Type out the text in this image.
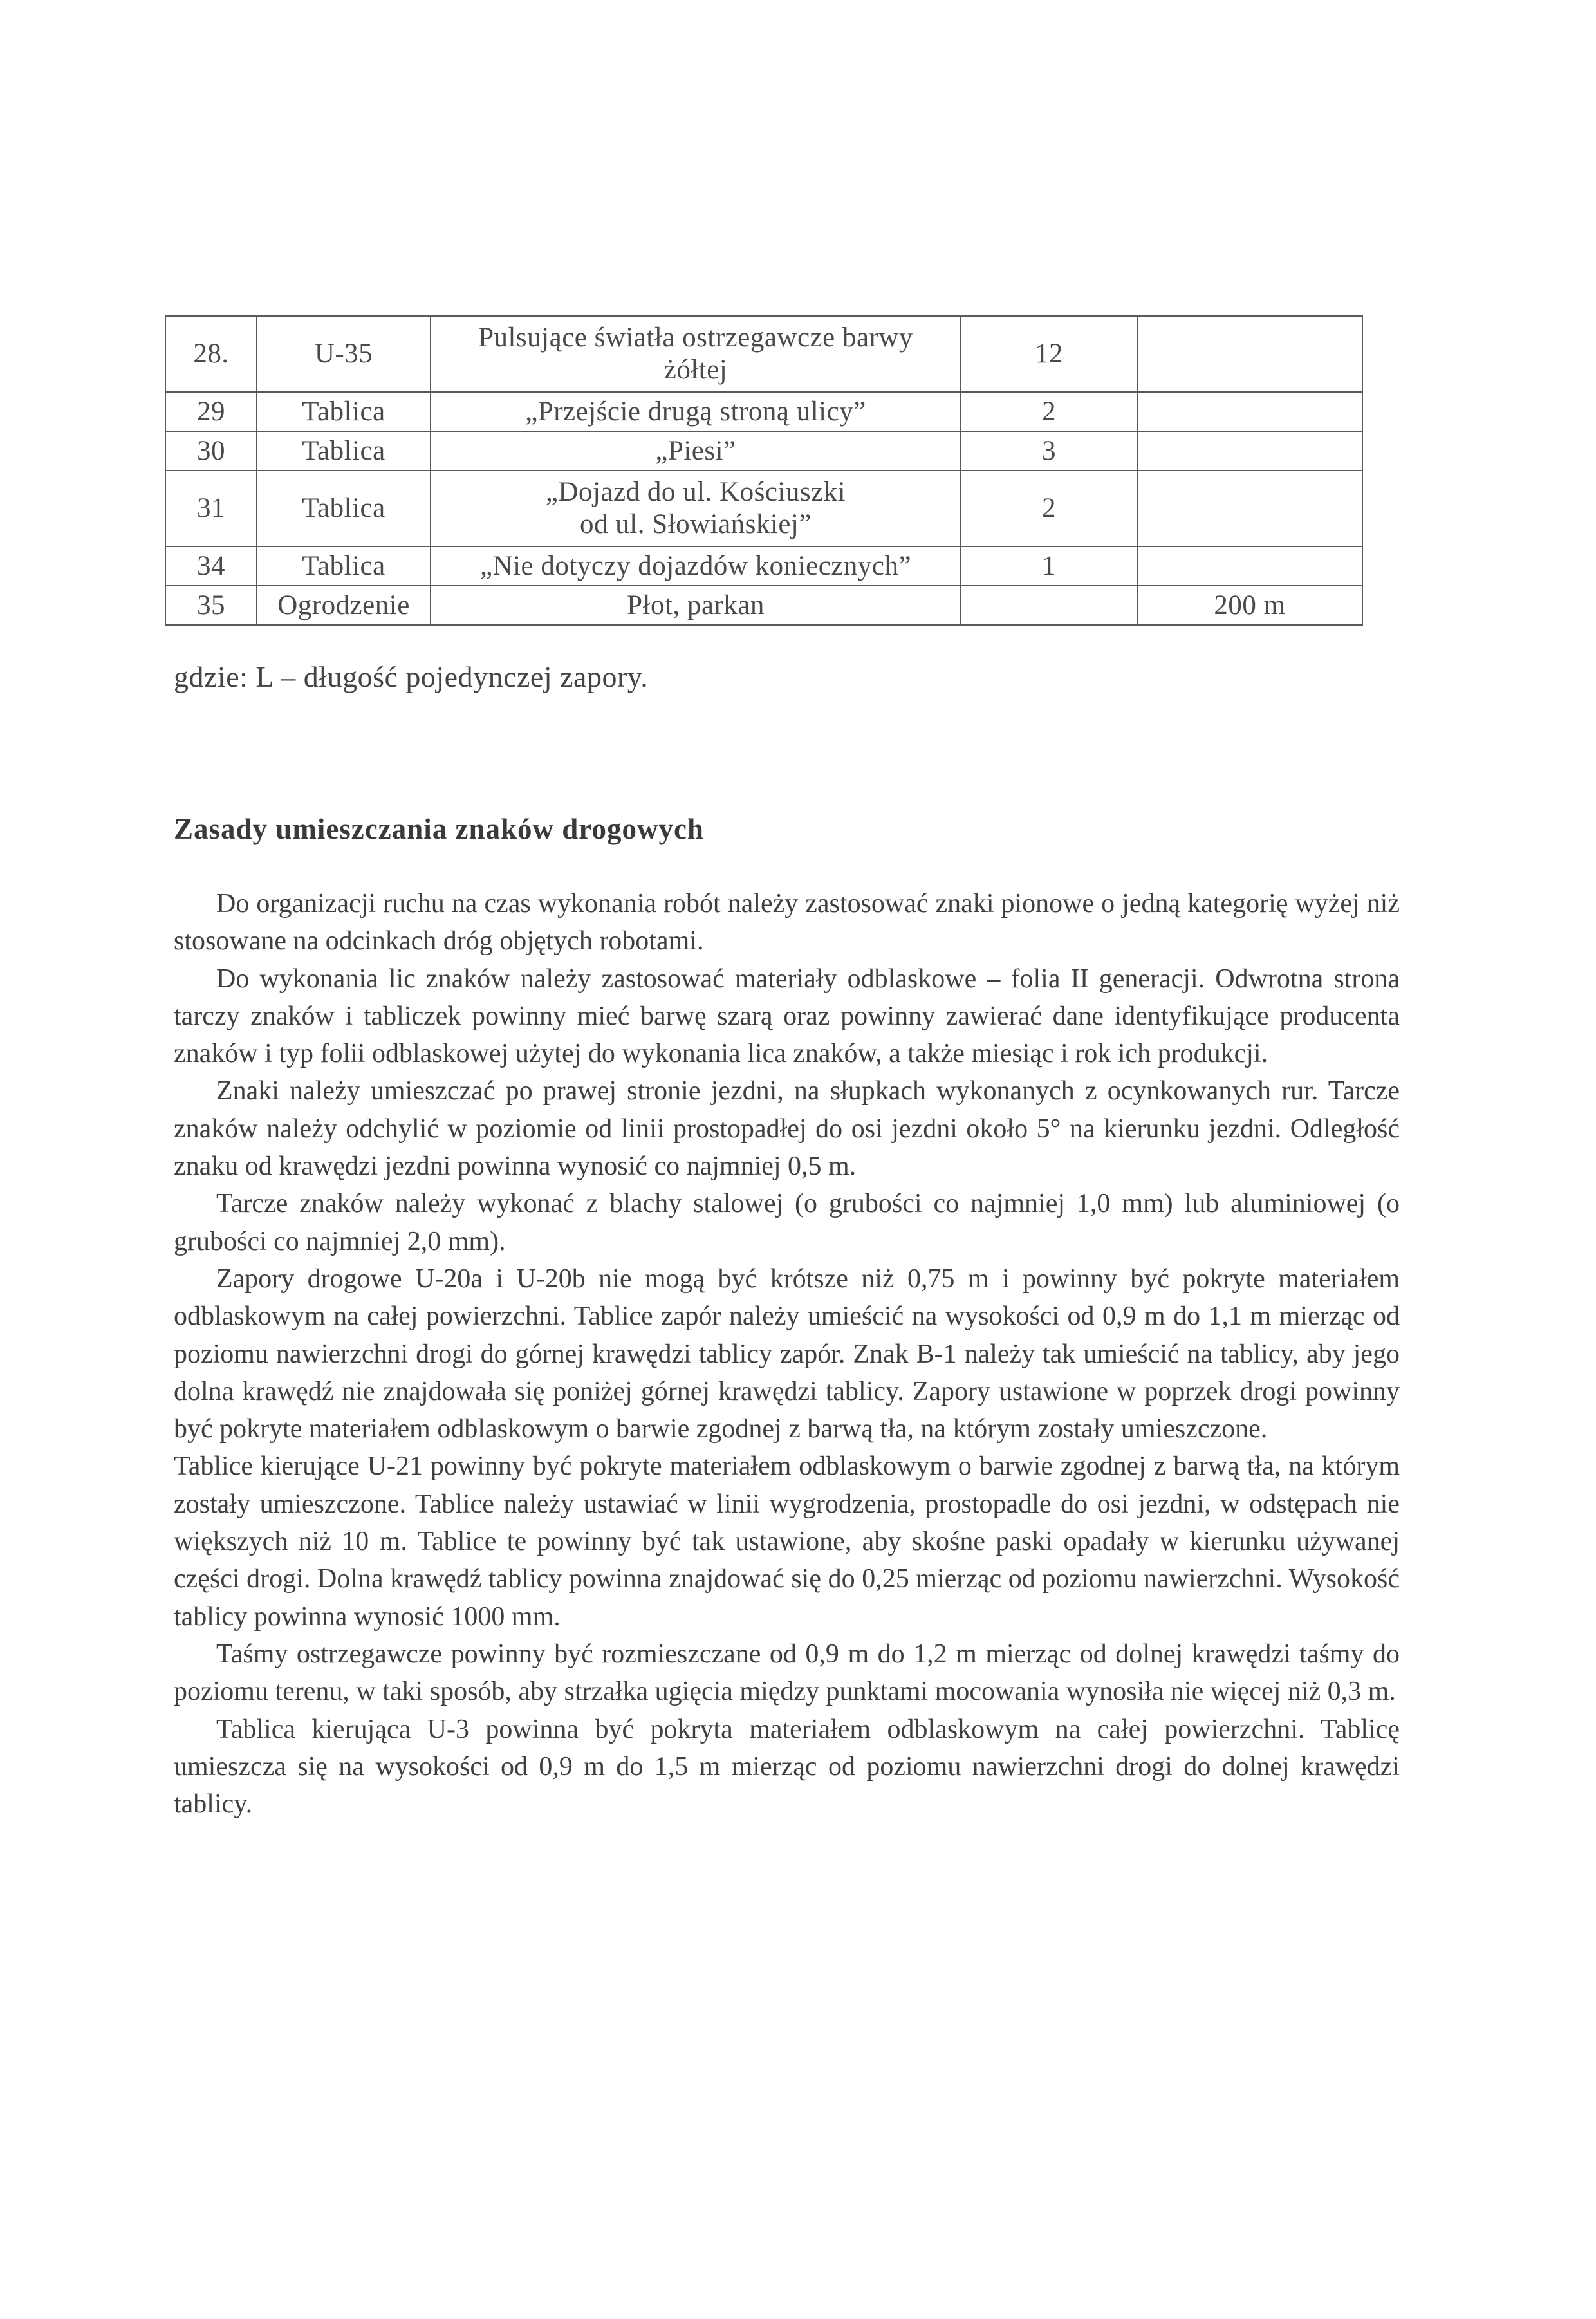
28.	U-35	Pulsujące światła ostrzegawcze barwy
żółtej	12	
29	Tablica	„Przejście drugą stroną ulicy”	2	
30	Tablica	„Piesi”	3	
31	Tablica	„Dojazd do ul. Kościuszki
od ul. Słowiańskiej”	2	
34	Tablica	„Nie dotyczy dojazdów koniecznych”	1	
35	Ogrodzenie	Płot, parkan		200 m
gdzie: L – długość pojedynczej zapory.
Zasady umieszczania znaków drogowych

Do organizacji ruchu na czas wykonania robót należy zastosować znaki pionowe o jedną kategorię wyżej niż stosowane na odcinkach dróg objętych robotami.

Do wykonania lic znaków należy zastosować materiały odblaskowe – folia II generacji. Odwrotna strona tarczy znaków i tabliczek powinny mieć barwę szarą oraz powinny zawierać dane identyfikujące producenta znaków i typ folii odblaskowej użytej do wykonania lica znaków, a także miesiąc i rok ich produkcji.

Znaki należy umieszczać po prawej stronie jezdni, na słupkach wykonanych z ocynkowanych rur. Tarcze znaków należy odchylić w poziomie od linii prostopadłej do osi jezdni około 5° na kierunku jezdni. Odległość znaku od krawędzi jezdni powinna wynosić co najmniej 0,5 m.

Tarcze znaków należy wykonać z blachy stalowej (o grubości co najmniej 1,0 mm) lub aluminiowej (o grubości co najmniej 2,0 mm).

Zapory drogowe U-20a i U-20b nie mogą być krótsze niż 0,75 m i powinny być pokryte materiałem odblaskowym na całej powierzchni. Tablice zapór należy umieścić na wysokości od 0,9 m do 1,1 m mierząc od poziomu nawierzchni drogi do górnej krawędzi tablicy zapór. Znak B-1 należy tak umieścić na tablicy, aby jego dolna krawędź nie znajdowała się poniżej górnej krawędzi tablicy. Zapory ustawione w poprzek drogi powinny być pokryte materiałem odblaskowym o barwie zgodnej z barwą tła, na którym zostały umieszczone.

Tablice kierujące U-21 powinny być pokryte materiałem odblaskowym o barwie zgodnej z barwą tła, na którym zostały umieszczone. Tablice należy ustawiać w linii wygrodzenia, prostopadle do osi jezdni, w odstępach nie większych niż 10 m. Tablice te powinny być tak ustawione, aby skośne paski opadały w kierunku używanej części drogi. Dolna krawędź tablicy powinna znajdować się do 0,25 mierząc od poziomu nawierzchni. Wysokość tablicy powinna wynosić 1000 mm.

Taśmy ostrzegawcze powinny być rozmieszczane od 0,9 m do 1,2 m mierząc od dolnej krawędzi taśmy do poziomu terenu, w taki sposób, aby strzałka ugięcia między punktami mocowania wynosiła nie więcej niż 0,3 m.

Tablica kierująca U-3 powinna być pokryta materiałem odblaskowym na całej powierzchni. Tablicę umieszcza się na wysokości od 0,9 m do 1,5 m mierząc od poziomu nawierzchni drogi do dolnej krawędzi tablicy.
